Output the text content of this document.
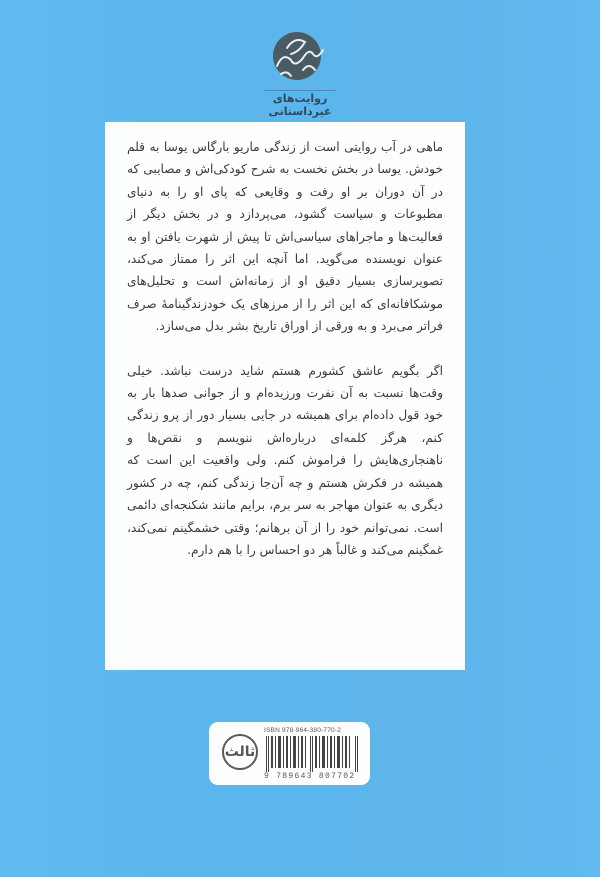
روایت‌های غیرداستانی

ماهی در آب روایتی است از زندگی ماریو بارگاس یوسا به قلم خودش. یوسا در بخش نخست به شرح کودکی‌اش و مصایبی که در آن دوران بر او رفت و وقایعی که پای او را به دنیای مطبوعات و سیاست گشود، می‌پردازد و در بخش دیگر از فعالیت‌ها و ماجراهای سیاسی‌اش تا پیش از شهرت یافتن او به عنوان نویسنده می‌گوید. اما آنچه این اثر را ممتاز می‌کند، تصویرسازی بسیار دقیق او از زمانه‌اش است و تحلیل‌های موشکافانه‌ای که این اثر را از مرزهای یک خودزندگینامهٔ صرف فراتر می‌برد و به ورقی از اوراق تاریخ بشر بدل می‌سازد.

اگر بگویم عاشق کشورم هستم شاید درست نباشد. خیلی وقت‌ها نسبت به آن نفرت ورزیده‌ام و از جوانی صدها بار به خود قول داده‌ام برای همیشه در جایی بسیار دور از پرو زندگی کنم، هرگز کلمه‌ای درباره‌اش ننویسم و نقص‌ها و ناهنجاری‌هایش را فراموش کنم. ولی واقعیت این است که همیشه در فکرش هستم و چه آن‌جا زندگی کنم، چه در کشور دیگری به عنوان مهاجر به سر برم، برایم مانند شکنجه‌ای دائمی است. نمی‌توانم خود را از آن برهانم؛ وقتی خشمگینم نمی‌کند، غمگینم می‌کند و غالباً هر دو احساس را با هم دارم.

ثالث
ISBN 978-964-380-770-2
9 789643 807702
